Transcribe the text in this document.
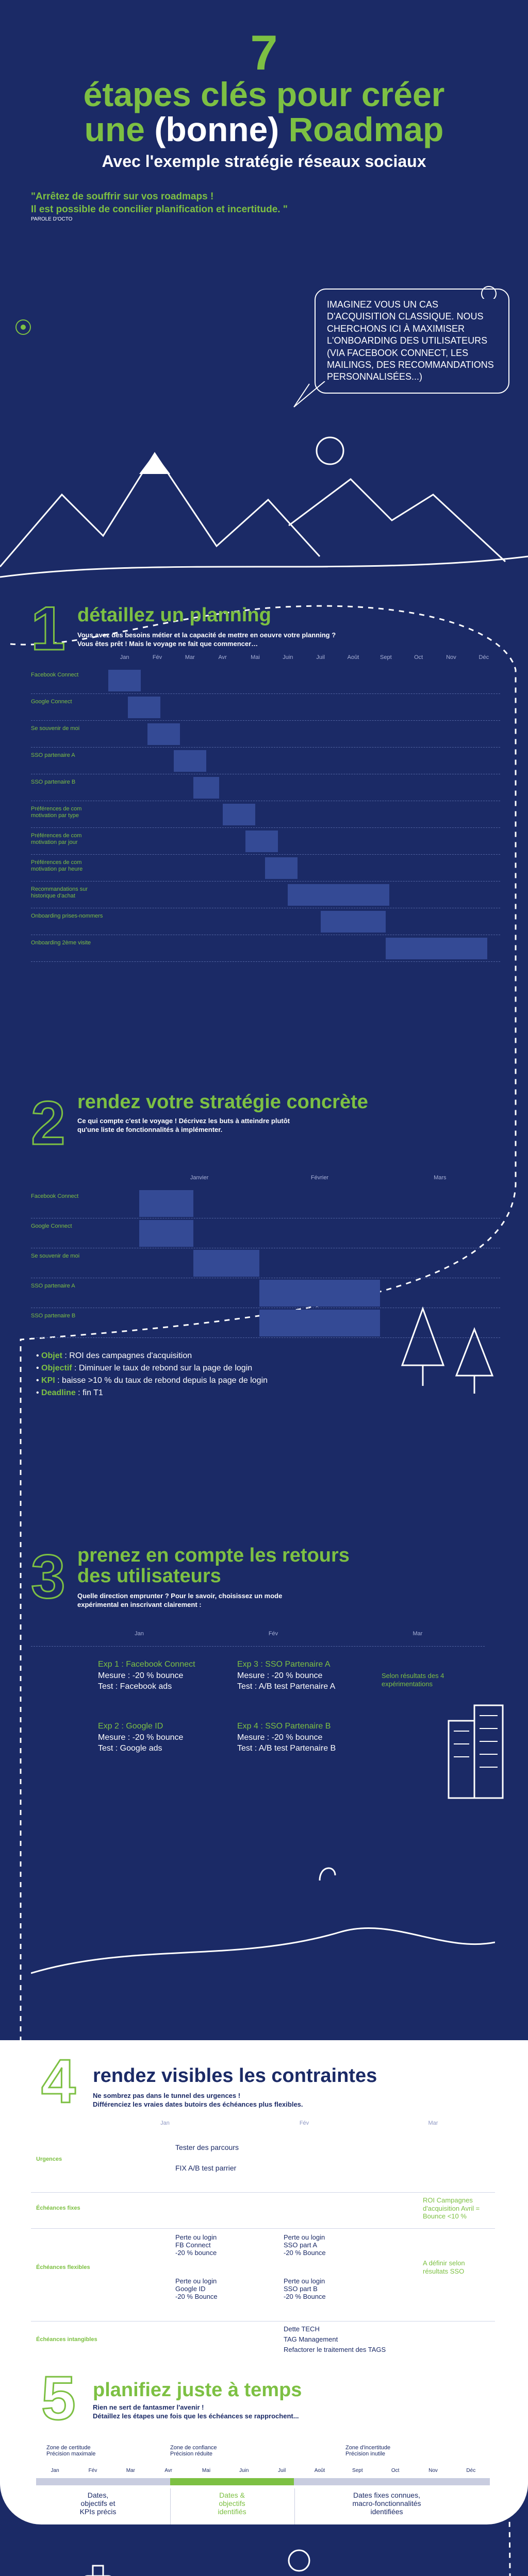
7
étapes clés pour créer
une (bonne) Roadmap
Avec l'exemple stratégie réseaux sociaux
"Arrêtez de souffrir sur vos roadmaps !
Il est possible de concilier planification et incertitude. "
PAROLE D'OCTO
IMAGINEZ VOUS UN CAS D'ACQUISITION CLASSIQUE. NOUS CHERCHONS ICI À MAXIMISER L'ONBOARDING DES UTILISATEURS (VIA FACEBOOK CONNECT, LES MAILINGS, DES RECOMMANDATIONS PERSONNALISÉES...)
1 détaillez un planning
Vous avez des besoins métier et la capacité de mettre en oeuvre votre planning ?
Vous êtes prêt ! Mais le voyage ne fait que commencer…
Jan	Fév	Mar	Avr	Mai	Juin	Juil	Août	Sept	Oct	Nov	Déc
Facebook Connect
Google Connect
Se souvenir de moi
SSO partenaire A
SSO partenaire B
Préférences de com motivation par type
Préférences de com motivation par jour
Préférences de com motivation par heure
Recommandations sur historique d'achat
Onboarding prises-nommers
Onboarding 2ème visite
2 rendez votre stratégie concrète
Ce qui compte c'est le voyage ! Décrivez les buts à atteindre plutôt
qu'une liste de fonctionnalités à implémenter.
Janvier	Février	Mars
Facebook Connect
Google Connect
Se souvenir de moi
SSO partenaire A
SSO partenaire B
• Objet : ROI des campagnes d'acquisition
• Objectif : Diminuer le taux de rebond sur la page de login
• KPI : baisse >10 % du taux de rebond depuis la page de login
• Deadline : fin T1
3 prenez en compte les retours
des utilisateurs
Quelle direction emprunter ? Pour le savoir, choisissez un mode
expérimental en inscrivant clairement :
Jan	Fév	Mar
Exp 1 : Facebook Connect
Mesure : -20 % bounce
Test : Facebook ads
Exp 3 : SSO Partenaire A
Mesure : -20 % bounce
Test : A/B test Partenaire A
Exp 2 : Google ID
Mesure : -20 % bounce
Test : Google ads
Exp 4 : SSO Partenaire B
Mesure : -20 % bounce
Test : A/B test Partenaire B
Selon résultats des 4 expérimentations
4 rendez visibles les contraintes
Ne sombrez pas dans le tunnel des urgences !
Différenciez les vraies dates butoirs des échéances plus flexibles.
Jan	Fév	Mar
Urgences
Tester des parcours
FIX A/B test parrier
Échéances fixes
ROI Campagnes d'acquisition Avril = Bounce <10 %
Échéances flexibles
Perte ou login
FB Connect
-20 % bounce
Perte ou login
SSO part A
-20 % Bounce
Perte ou login
Google ID
-20 % Bounce
Perte ou login
SSO part B
-20 % Bounce
A définir selon résultats SSO
Échéances intangibles
Dette TECH
TAG Management
Refactorer le traitement des TAGS
5 planifiez juste à temps
Rien ne sert de fantasmer l'avenir !
Détaillez les étapes une fois que les échéances se rapprochent...
Zone de certitude
Précision maximale
Zone de confiance
Précision réduite
Zone d'incertitude
Précision inutile
Jan	Fév	Mar	Avr	Mai	Juin	Juil	Août	Sept	Oct	Nov	Déc
Dates,
objectifs et
KPIs précis
Dates &
objectifs
identifiés
Dates fixes connues,
macro-fonctionnalités
identifiées
